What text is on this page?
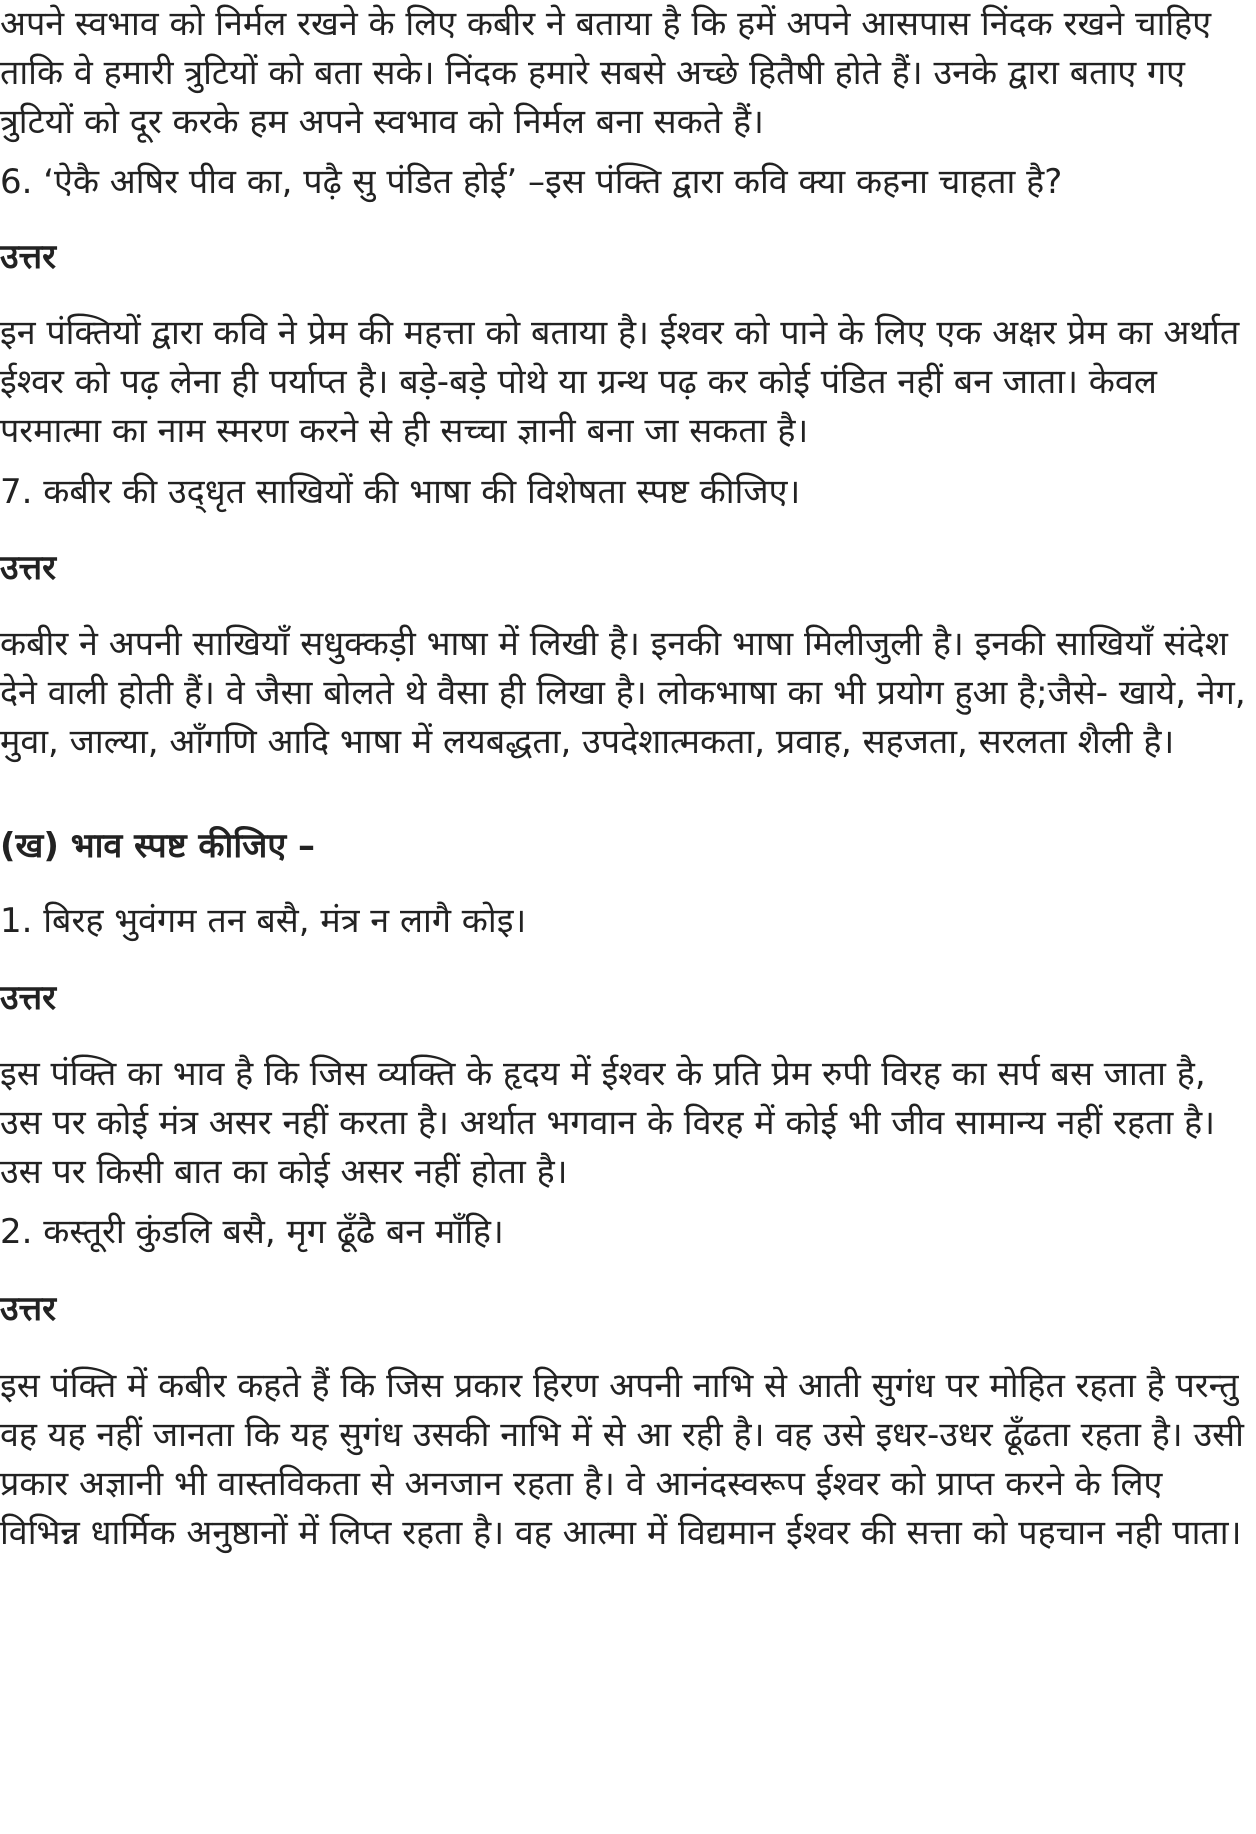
अपने स्वभाव को निर्मल रखने के लिए कबीर ने बताया है कि हमें अपने आसपास निंदक रखने चाहिए ताकि वे हमारी त्रुटियों को बता सके। निंदक हमारे सबसे अच्छे हितैषी होते हैं। उनके द्वारा बताए गए त्रुटियों को दूर करके हम अपने स्वभाव को निर्मल बना सकते हैं।

6. ‘ऐकै अषिर पीव का, पढ़ै सु पंडित होई’ –इस पंक्ति द्वारा कवि क्या कहना चाहता है?

उत्तर

इन पंक्तियों द्वारा कवि ने प्रेम की महत्ता को बताया है। ईश्वर को पाने के लिए एक अक्षर प्रेम का अर्थात ईश्वर को पढ़ लेना ही पर्याप्त है। बड़े-बड़े पोथे या ग्रन्थ पढ़ कर कोई पंडित नहीं बन जाता। केवल परमात्मा का नाम स्मरण करने से ही सच्चा ज्ञानी बना जा सकता है।

7. कबीर की उद्‌धृत साखियों की भाषा की विशेषता स्पष्ट कीजिए।

उत्तर

कबीर ने अपनी साखियाँ सधुक्कड़ी भाषा में लिखी है। इनकी भाषा मिलीजुली है। इनकी साखियाँ संदेश देने वाली होती हैं। वे जैसा बोलते थे वैसा ही लिखा है। लोकभाषा का भी प्रयोग हुआ है;जैसे- खाये, नेग, मुवा, जाल्या, आँगणि आदि भाषा में लयबद्धता, उपदेशात्मकता, प्रवाह, सहजता, सरलता शैली है।

(ख) भाव स्पष्ट कीजिए –

1. बिरह भुवंगम तन बसै, मंत्र न लागै कोइ।

उत्तर

इस पंक्ति का भाव है कि जिस व्यक्ति के हृदय में ईश्वर के प्रति प्रेम रुपी विरह का सर्प बस जाता है, उस पर कोई मंत्र असर नहीं करता है। अर्थात भगवान के विरह में कोई भी जीव सामान्य नहीं रहता है। उस पर किसी बात का कोई असर नहीं होता है।

2. कस्तूरी कुंडलि बसै, मृग ढूँढै बन माँहि।

उत्तर

इस पंक्ति में कबीर कहते हैं कि जिस प्रकार हिरण अपनी नाभि से आती सुगंध पर मोहित रहता है परन्तु वह यह नहीं जानता कि यह सुगंध उसकी नाभि में से आ रही है। वह उसे इधर-उधर ढूँढता रहता है। उसी प्रकार अज्ञानी भी वास्तविकता से अनजान रहता है। वे आनंदस्वरूप ईश्वर को प्राप्त करने के लिए विभिन्न धार्मिक अनुष्ठानों में लिप्त रहता है। वह आत्मा में विद्यमान ईश्वर की सत्ता को पहचान नही पाता।
